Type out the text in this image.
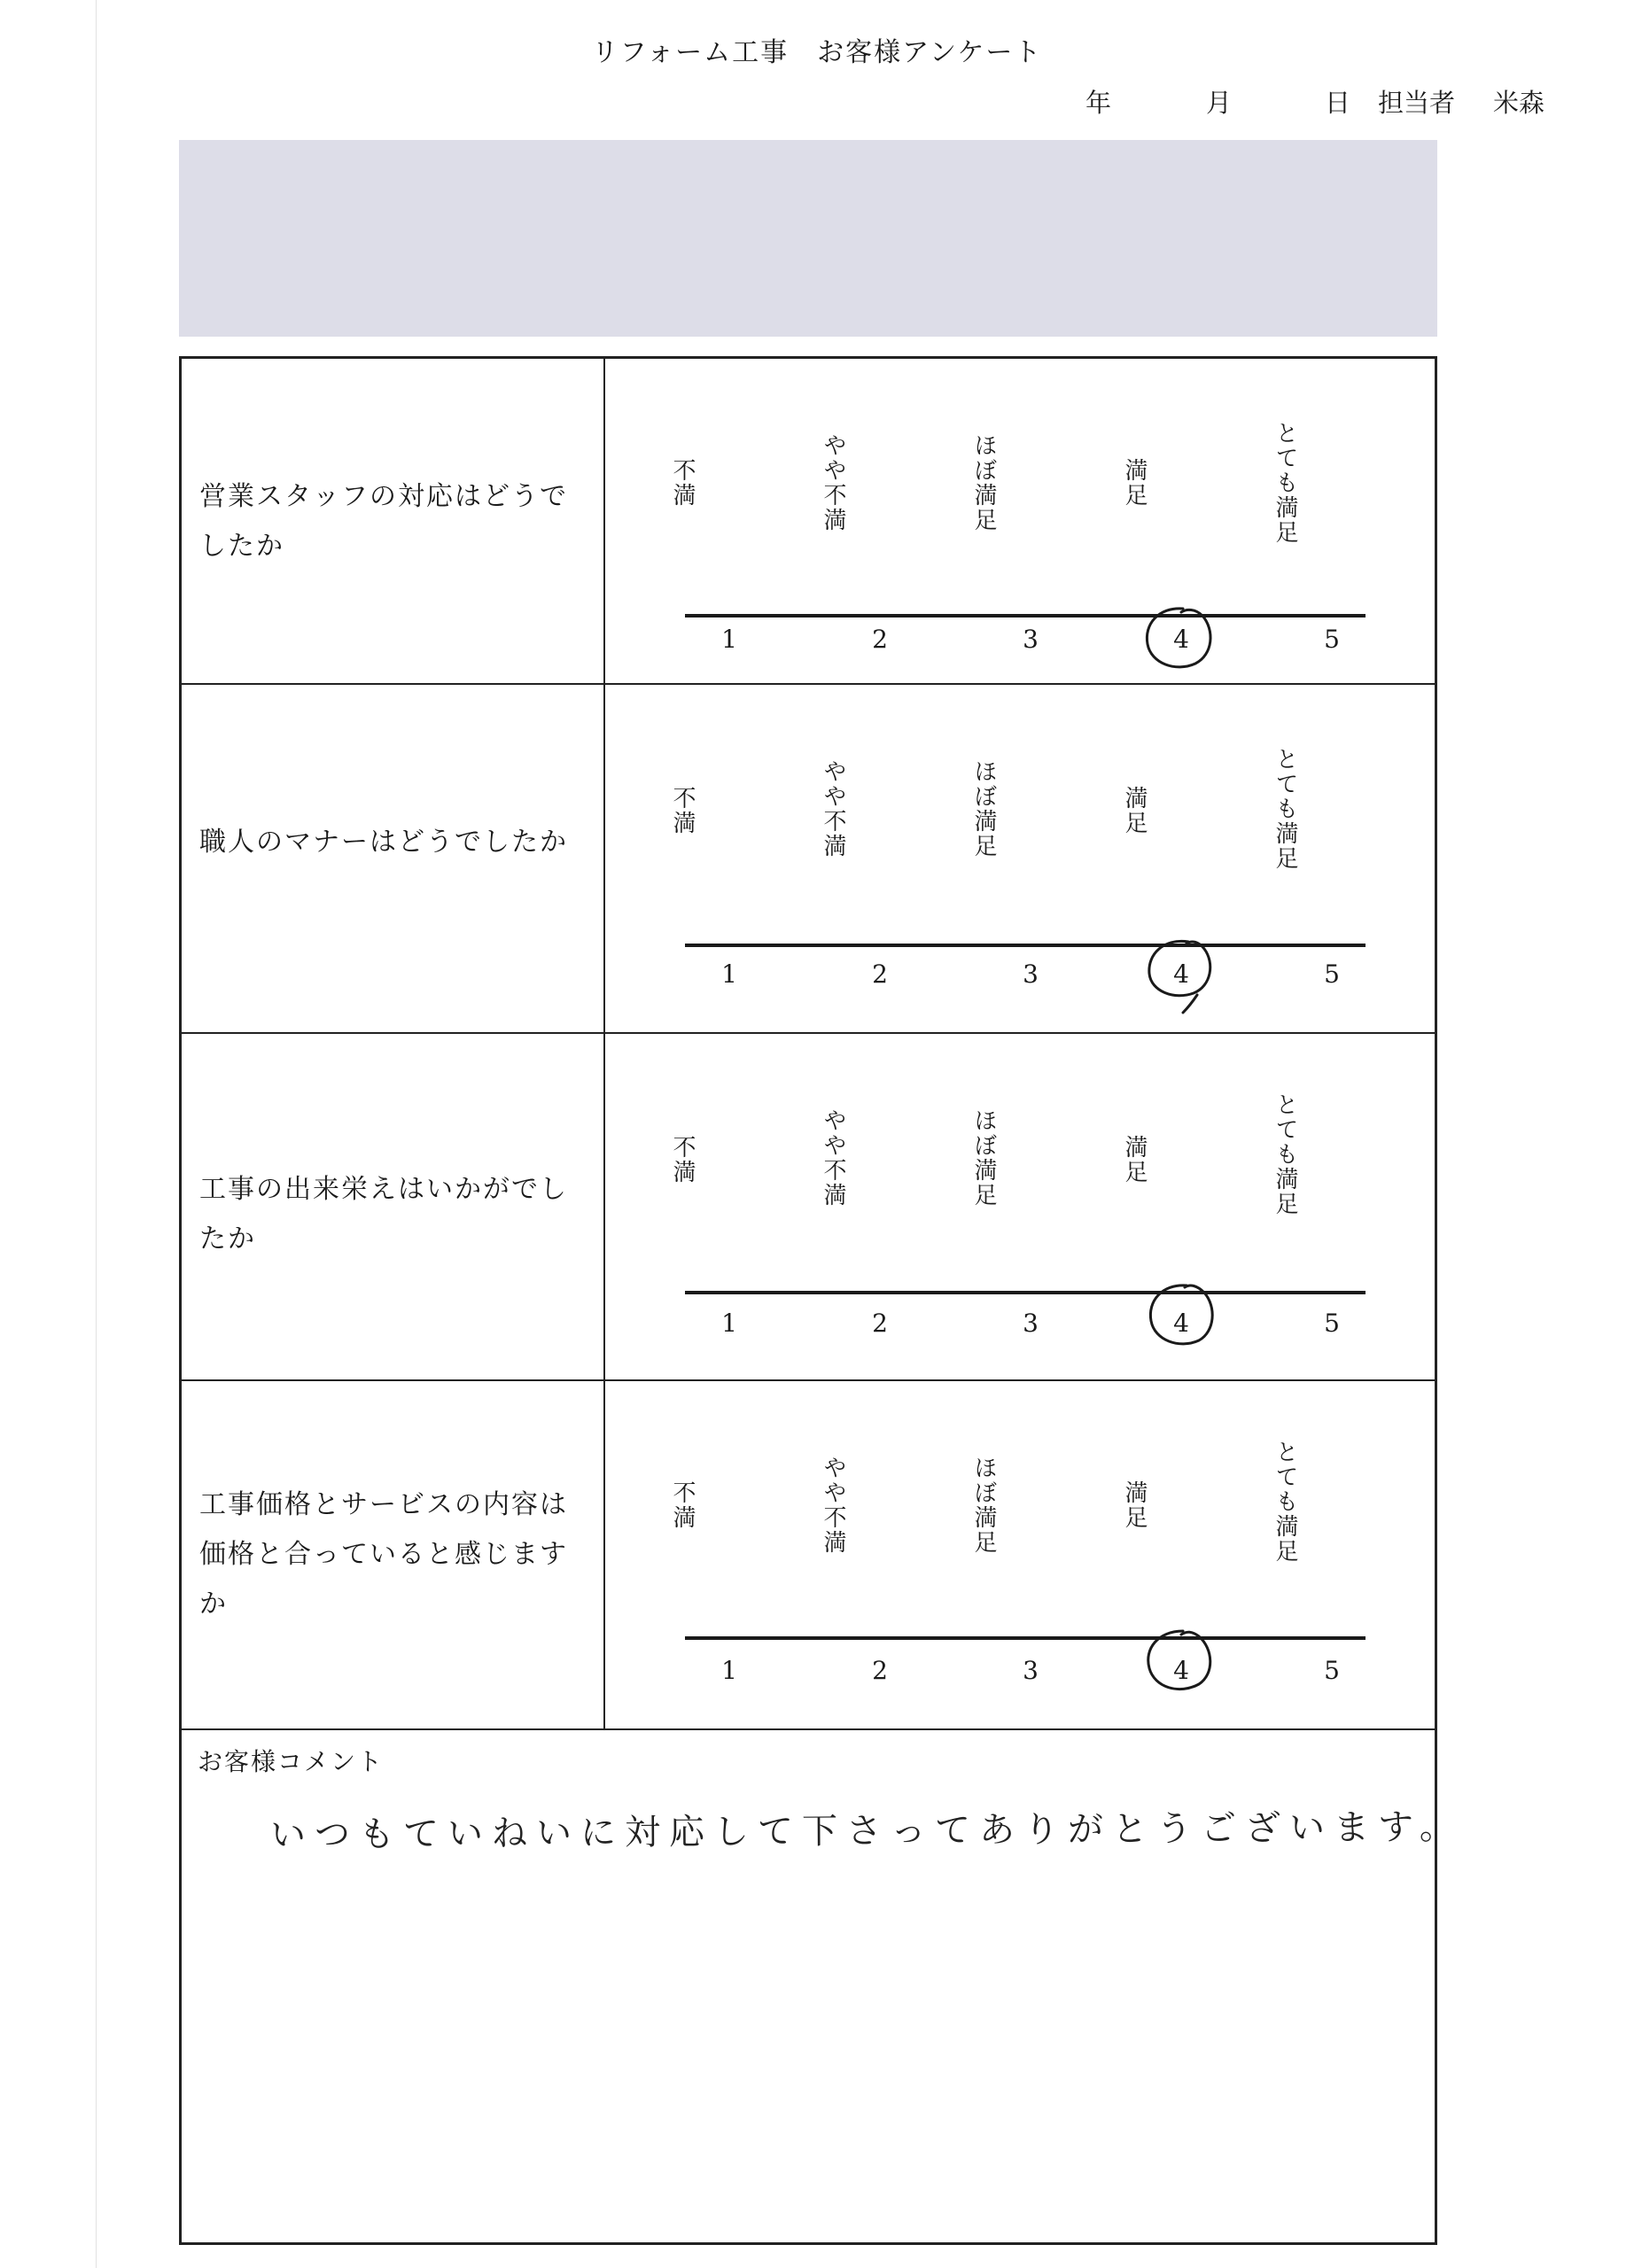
リフォーム工事　お客様アンケート
年	月	日 担当者 米森
営業スタッフの対応はどうでしたか
不満	やや不満	ほぼ満足	満足	とても満足
1	2	3	4	5
職人のマナーはどうでしたか
不満	やや不満	ほぼ満足	満足	とても満足
1	2	3	4	5
工事の出来栄えはいかがでしたか
不満	やや不満	ほぼ満足	満足	とても満足
1	2	3	4	5
工事価格とサービスの内容は価格と合っていると感じますか
不満	やや不満	ほぼ満足	満足	とても満足
1	2	3	4	5
お客様コメント
いつもていねいに対応して下さってありがとうございます。
